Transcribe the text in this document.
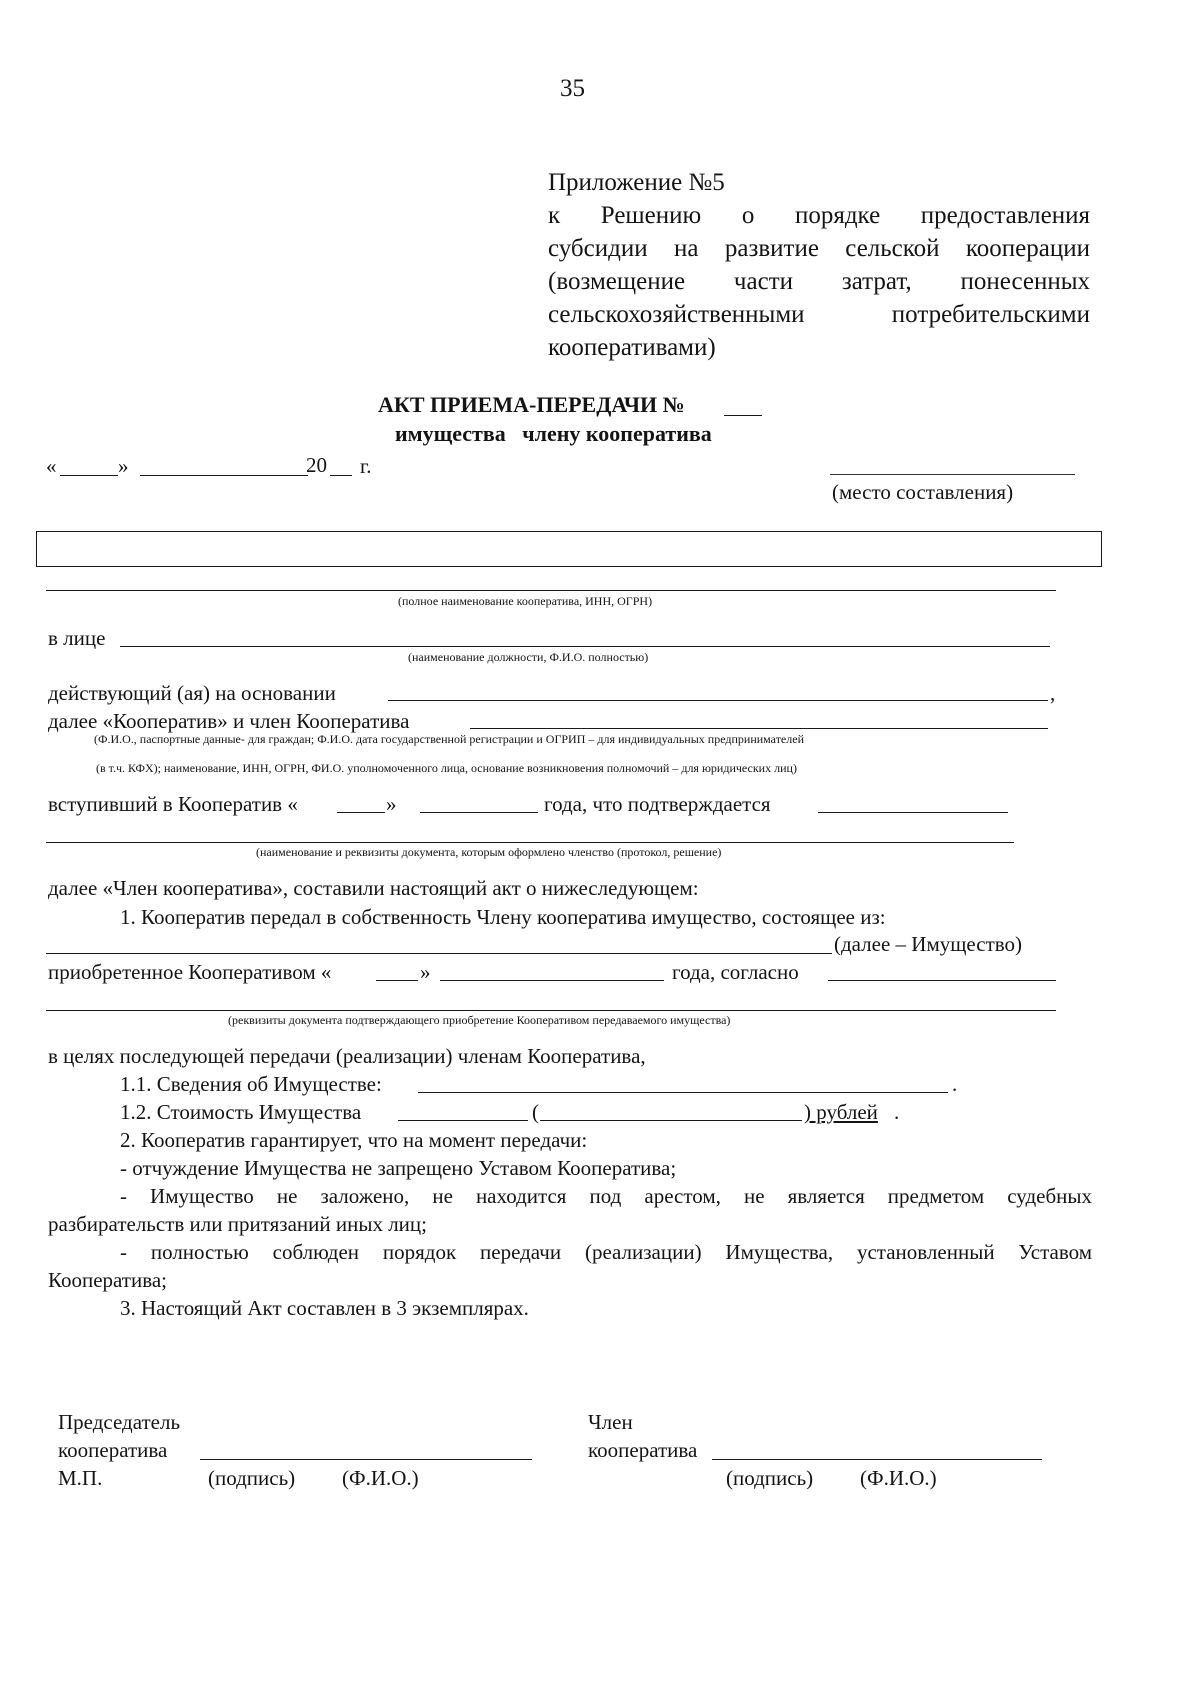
35
Приложение №5
к Решению о порядке предоставления
субсидии на развитие сельской кооперации
(возмещение части затрат, понесенных
сельскохозяйственными потребительскими
кооперативами)
АКТ ПРИЕМА-ПЕРЕДАЧИ №
имущества   члену кооператива
«	»	20 г.
(место составления)
(полное наименование кооператива, ИНН, ОГРН)
в лице
(наименование должности, Ф.И.О. полностью)
действующий (ая) на основании	,
далее «Кооператив» и член Кооператива
(Ф.И.О., паспортные данные- для граждан; Ф.И.О. дата государственной регистрации и ОГРИП – для индивидуальных предпринимателей
(в т.ч. КФХ); наименование, ИНН, ОГРН, ФИ.О. уполномоченного лица, основание возникновения полномочий – для юридических лиц)
вступивший в Кооператив «	»	года, что подтверждается
(наименование и реквизиты документа, которым оформлено членство (протокол, решение)
далее «Член кооператива», составили настоящий акт о нижеследующем:
1. Кооператив передал в собственность Члену кооператива имущество, состоящее из:
(далее – Имущество)
приобретенное Кооперативом «	»	года, согласно
(реквизиты документа подтверждающего приобретение Кооперативом передаваемого имущества)
в целях последующей передачи (реализации) членам Кооператива,
1.1. Сведения об Имуществе:	.
1.2. Стоимость Имущества	(	) рублей .
2. Кооператив гарантирует, что на момент передачи:
- отчуждение Имущества не запрещено Уставом Кооператива;
- Имущество не заложено, не находится под арестом, не является предметом судебных
разбирательств или притязаний иных лиц;
- полностью соблюден порядок передачи (реализации) Имущества, установленный Уставом
Кооператива;
3. Настоящий Акт составлен в 3 экземплярах.
Председатель
кооператива
М.П.	(подпись) (Ф.И.О.)
Член
кооператива
(подпись) (Ф.И.О.)
